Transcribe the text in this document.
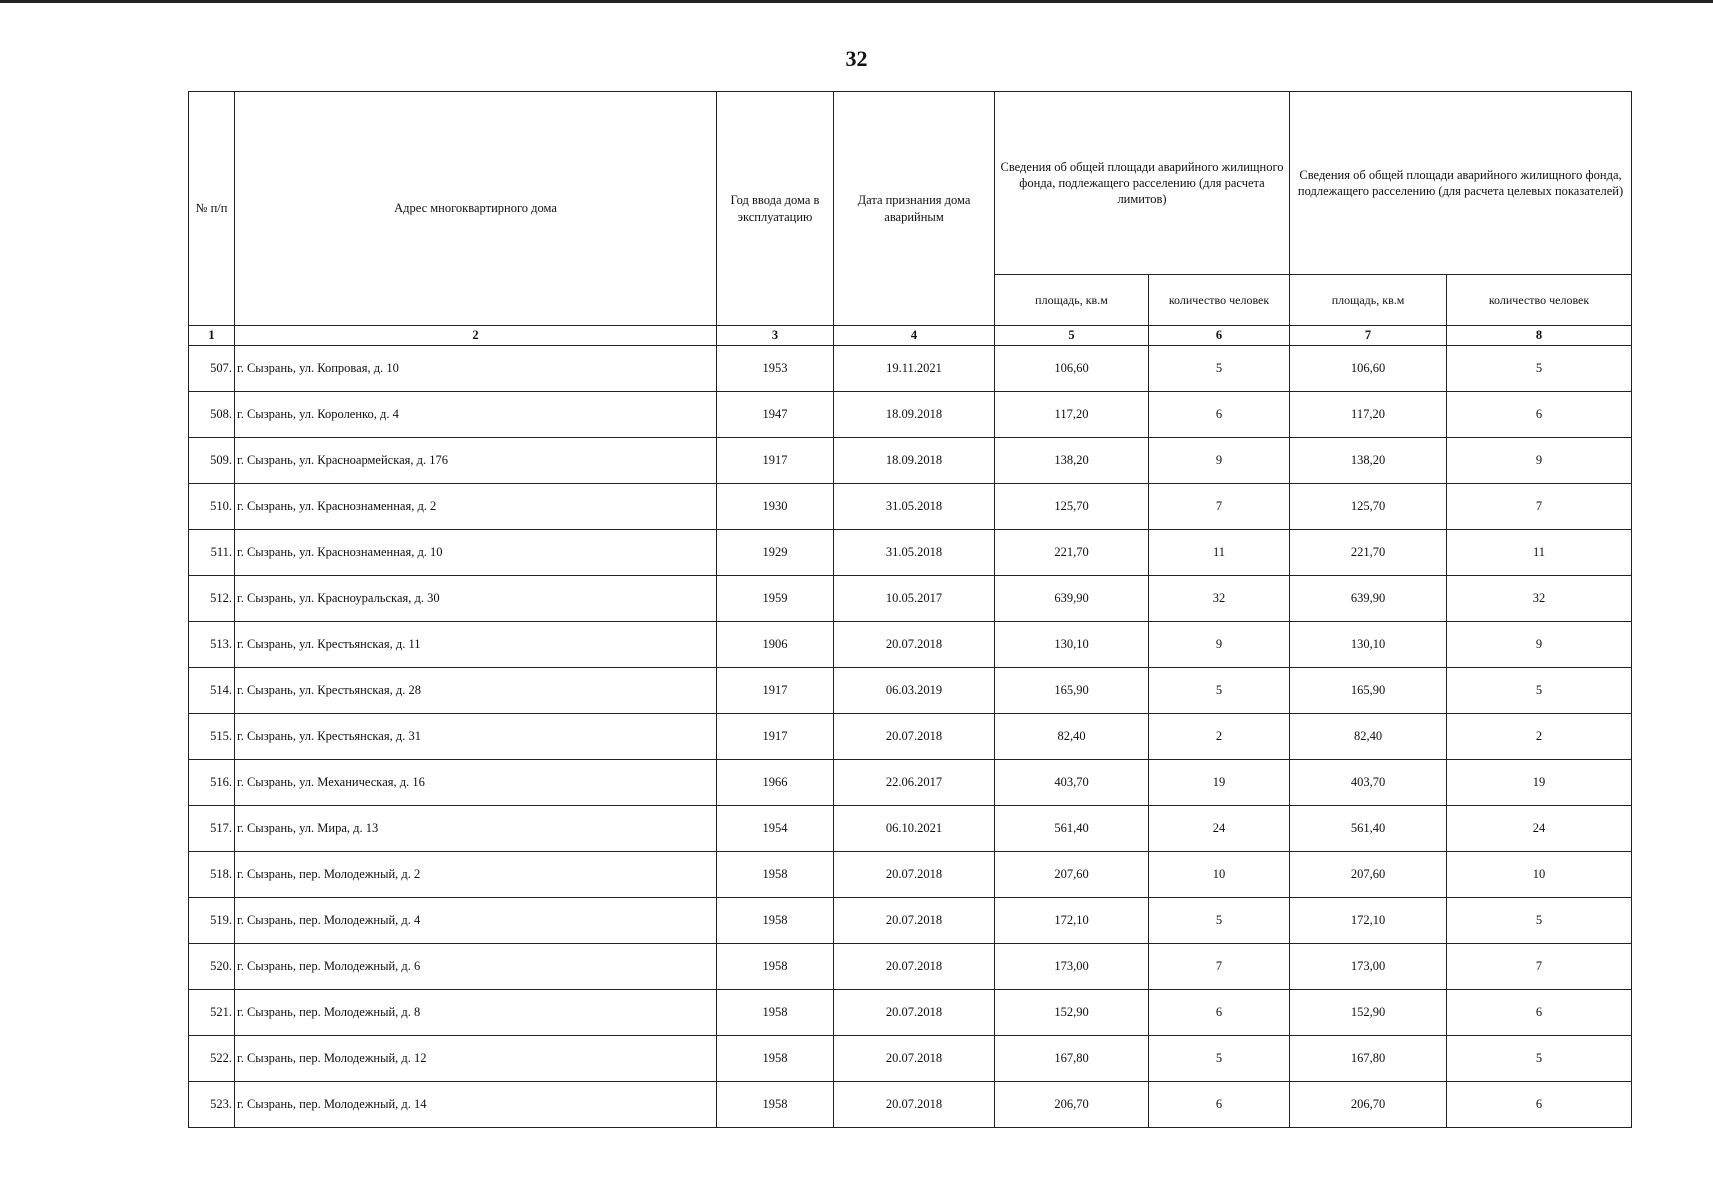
32
№ п/п	Адрес многоквартирного дома	Год ввода дома в эксплуатацию	Дата признания дома аварийным	Сведения об общей площади аварийного жилищного фонда, подлежащего расселению (для расчета лимитов)		Сведения об общей площади аварийного жилищного фонда, подлежащего расселению (для расчета целевых показателей)	
				площадь, кв.м	количество человек	площадь, кв.м	количество человек
1	2	3	4	5	6	7	8
507.	г. Сызрань, ул. Копровая, д. 10	1953	19.11.2021	106,60	5	106,60	5
508.	г. Сызрань, ул. Короленко, д. 4	1947	18.09.2018	117,20	6	117,20	6
509.	г. Сызрань, ул. Красноармейская, д. 176	1917	18.09.2018	138,20	9	138,20	9
510.	г. Сызрань, ул. Краснознаменная, д. 2	1930	31.05.2018	125,70	7	125,70	7
511.	г. Сызрань, ул. Краснознаменная, д. 10	1929	31.05.2018	221,70	11	221,70	11
512.	г. Сызрань, ул. Красноуральская, д. 30	1959	10.05.2017	639,90	32	639,90	32
513.	г. Сызрань, ул. Крестьянская, д. 11	1906	20.07.2018	130,10	9	130,10	9
514.	г. Сызрань, ул. Крестьянская, д. 28	1917	06.03.2019	165,90	5	165,90	5
515.	г. Сызрань, ул. Крестьянская, д. 31	1917	20.07.2018	82,40	2	82,40	2
516.	г. Сызрань, ул. Механическая, д. 16	1966	22.06.2017	403,70	19	403,70	19
517.	г. Сызрань, ул. Мира, д. 13	1954	06.10.2021	561,40	24	561,40	24
518.	г. Сызрань, пер. Молодежный, д. 2	1958	20.07.2018	207,60	10	207,60	10
519.	г. Сызрань, пер. Молодежный, д. 4	1958	20.07.2018	172,10	5	172,10	5
520.	г. Сызрань, пер. Молодежный, д. 6	1958	20.07.2018	173,00	7	173,00	7
521.	г. Сызрань, пер. Молодежный, д. 8	1958	20.07.2018	152,90	6	152,90	6
522.	г. Сызрань, пер. Молодежный, д. 12	1958	20.07.2018	167,80	5	167,80	5
523.	г. Сызрань, пер. Молодежный, д. 14	1958	20.07.2018	206,70	6	206,70	6
